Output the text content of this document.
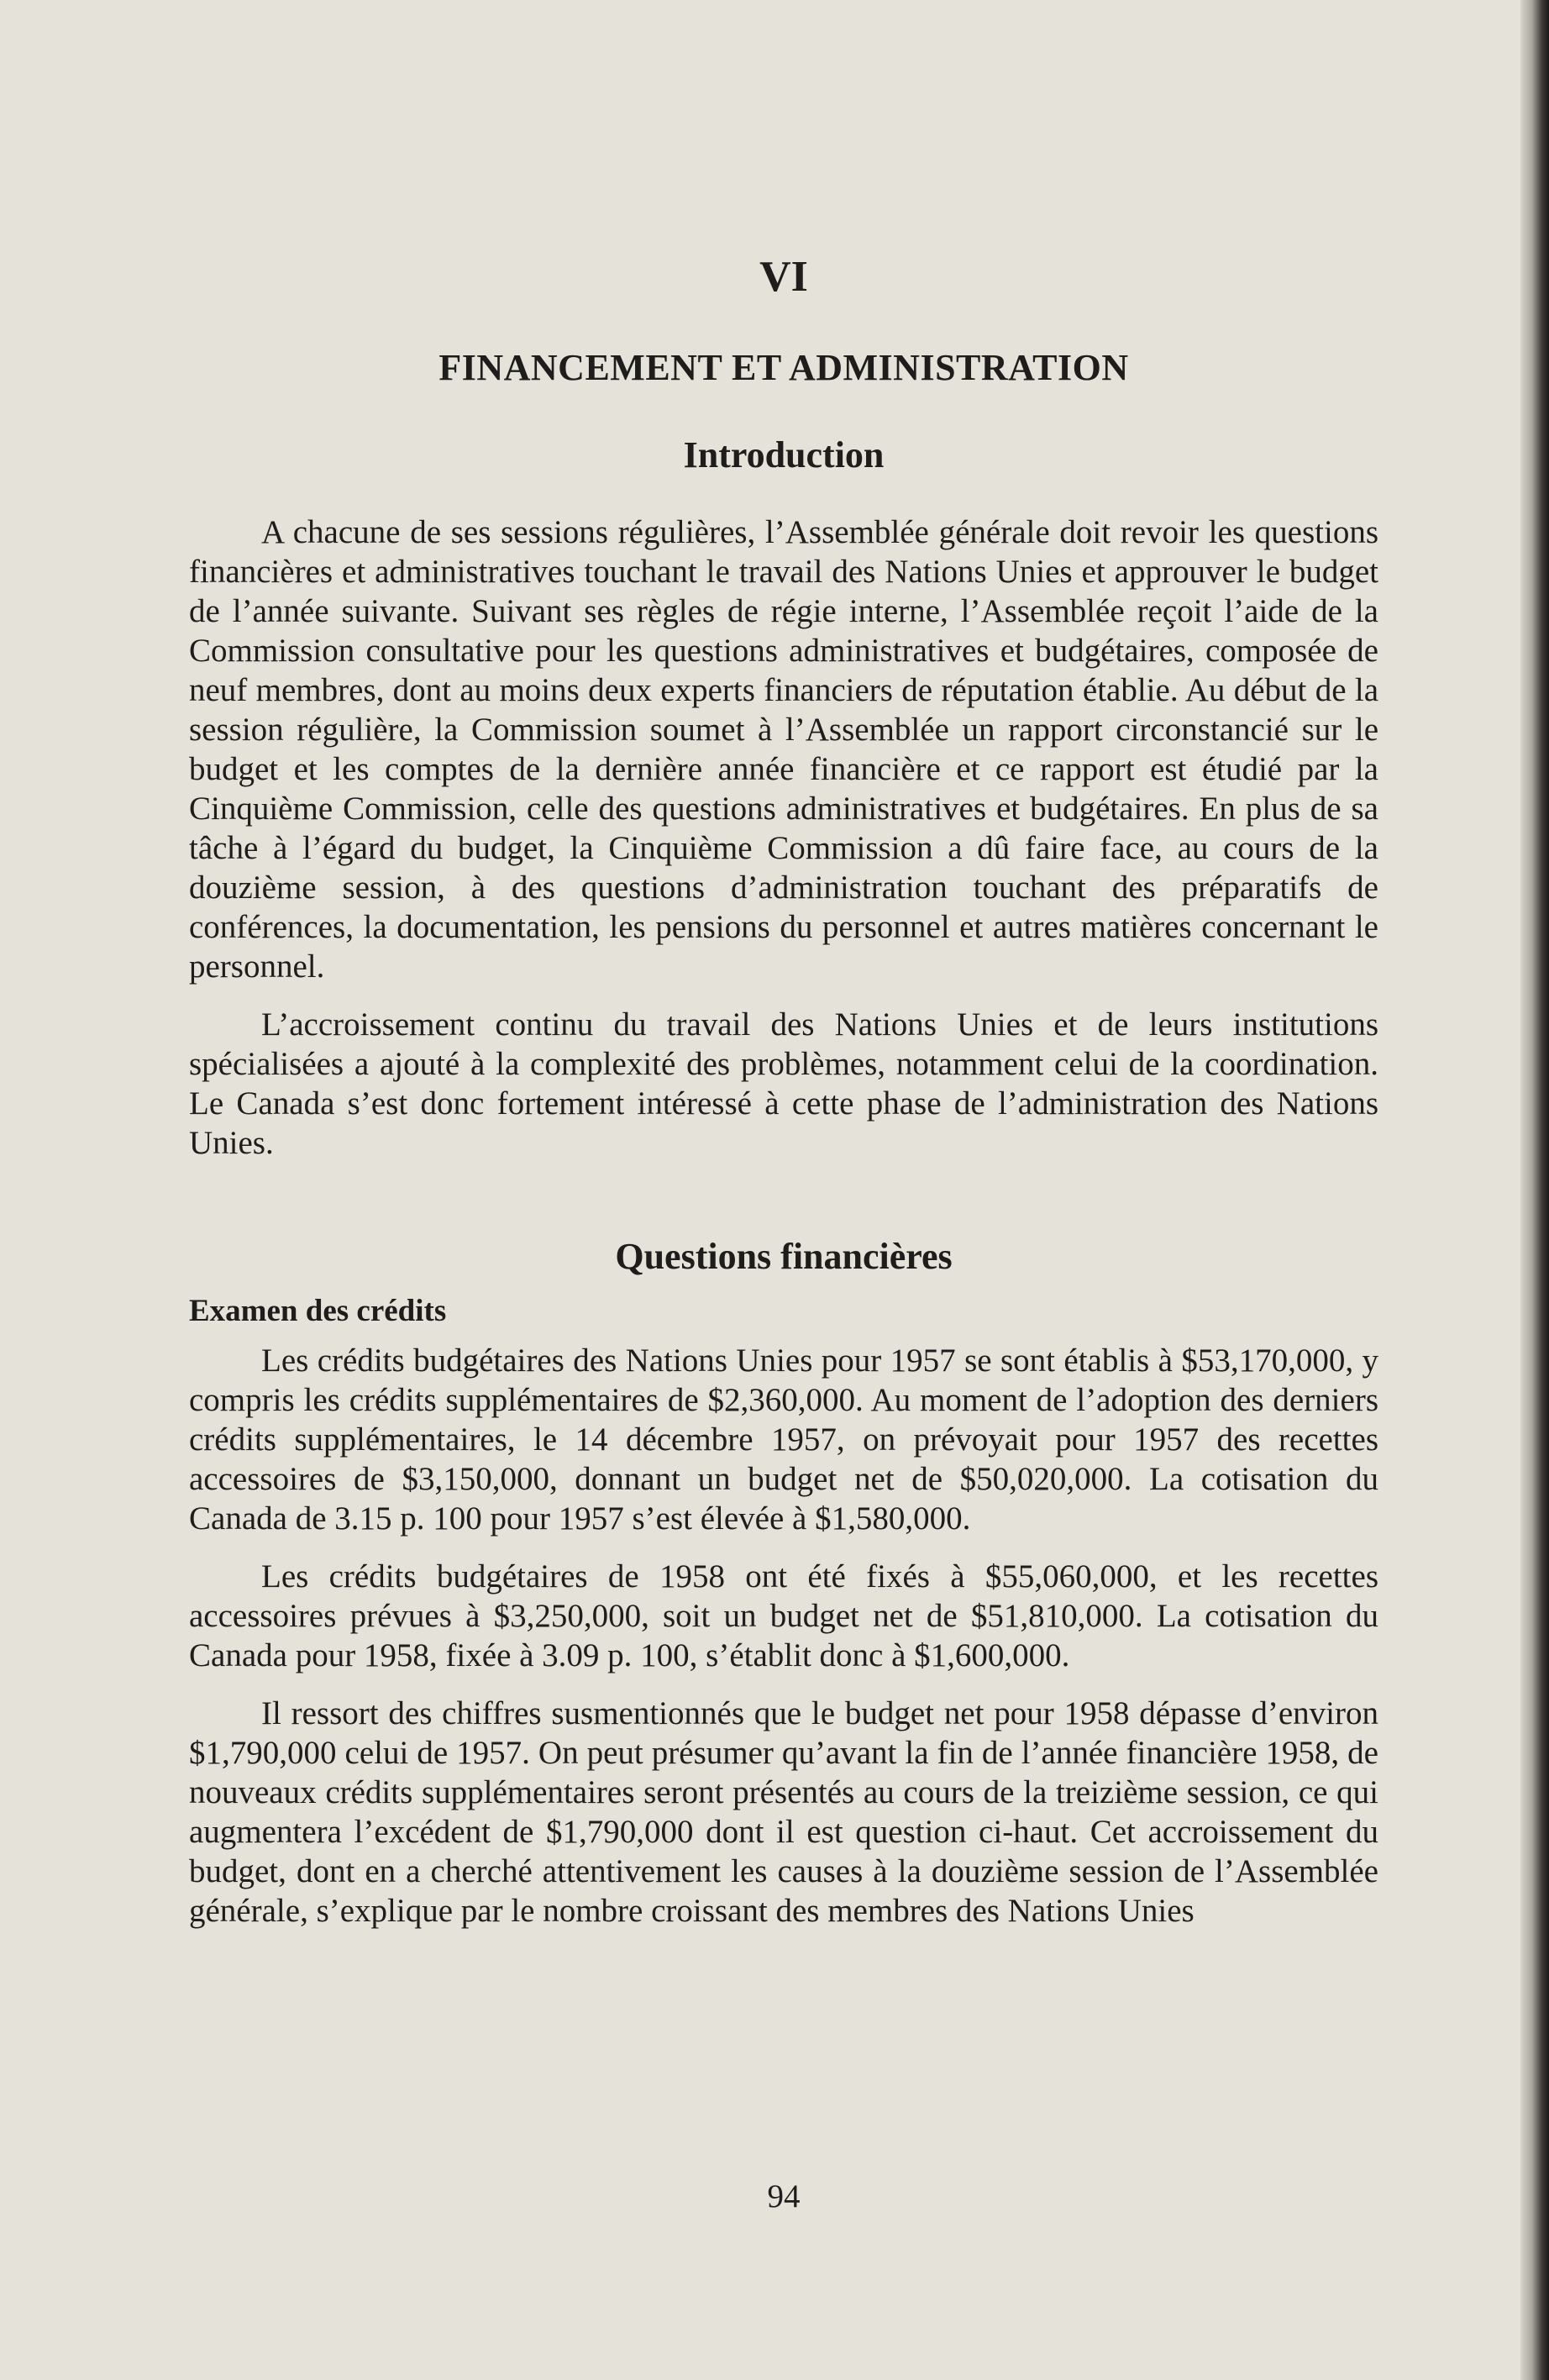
VI
FINANCEMENT ET ADMINISTRATION
Introduction

A chacune de ses sessions régulières, l’Assemblée générale doit revoir les questions financières et administratives touchant le travail des Nations Unies et approuver le budget de l’année suivante. Suivant ses règles de régie interne, l’Assemblée reçoit l’aide de la Commission consultative pour les questions administratives et budgétaires, composée de neuf membres, dont au moins deux experts financiers de réputation établie. Au début de la session régulière, la Commission soumet à l’Assemblée un rapport circonstancié sur le budget et les comptes de la dernière année financière et ce rapport est étudié par la Cinquième Commission, celle des questions administratives et budgétaires. En plus de sa tâche à l’égard du budget, la Cinquième Commission a dû faire face, au cours de la douzième session, à des questions d’administration touchant des préparatifs de conférences, la documentation, les pensions du personnel et autres matières concernant le personnel.

L’accroissement continu du travail des Nations Unies et de leurs institutions spécialisées a ajouté à la complexité des problèmes, notamment celui de la coordination. Le Canada s’est donc fortement intéressé à cette phase de l’administration des Nations Unies.

Questions financières
Examen des crédits

Les crédits budgétaires des Nations Unies pour 1957 se sont établis à $53,170,000, y compris les crédits supplémentaires de $2,360,000. Au moment de l’adoption des derniers crédits supplémentaires, le 14 décembre 1957, on prévoyait pour 1957 des recettes accessoires de $3,150,000, donnant un budget net de $50,020,000. La cotisation du Canada de 3.15 p. 100 pour 1957 s’est élevée à $1,580,000.

Les crédits budgétaires de 1958 ont été fixés à $55,060,000, et les recettes accessoires prévues à $3,250,000, soit un budget net de $51,810,000. La cotisation du Canada pour 1958, fixée à 3.09 p. 100, s’établit donc à $1,600,000.

Il ressort des chiffres susmentionnés que le budget net pour 1958 dépasse d’environ $1,790,000 celui de 1957. On peut présumer qu’avant la fin de l’année financière 1958, de nouveaux crédits supplémentaires seront présentés au cours de la treizième session, ce qui augmentera l’excédent de $1,790,000 dont il est question ci-haut. Cet accroissement du budget, dont en a cherché attentivement les causes à la douzième session de l’Assemblée générale, s’explique par le nombre croissant des membres des Nations Unies

94
